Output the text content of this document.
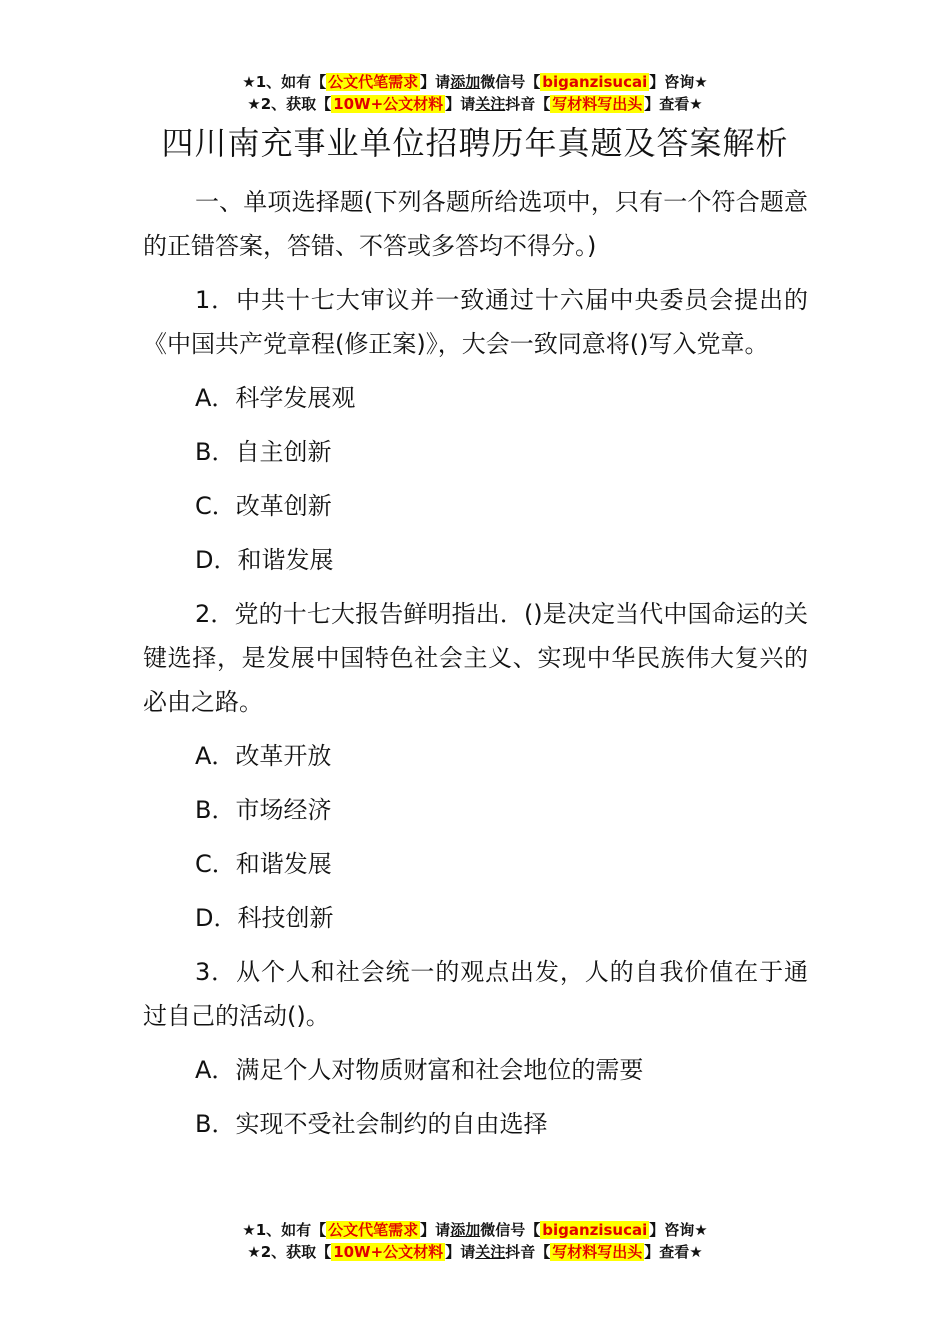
★1、如有【 公文代笔需求 】请添加微信号【 biganzisucai 】咨询★
★2、获取【 10W+公文材料 】请关注抖音【 写材料写出头 】查看★
四川南充事业单位招聘历年真题及答案解析

一、单项选择题(下列各题所给选项中，只有一个符合题意的正错答案，答错、不答或多答均不得分。)

1．中共十七大审议并一致通过十六届中央委员会提出的《中国共产党章程(修正案)》，大会一致同意将()写入党章。

A．科学发展观
B．自主创新
C．改革创新
D．和谐发展

2．党的十七大报告鲜明指出．()是决定当代中国命运的关键选择，是发展中国特色社会主义、实现中华民族伟大复兴的必由之路。

A．改革开放
B．市场经济
C．和谐发展
D．科技创新

3．从个人和社会统一的观点出发，人的自我价值在于通过自己的活动()。

A．满足个人对物质财富和社会地位的需要
B．实现不受社会制约的自由选择
★1、如有【 公文代笔需求 】请添加微信号【 biganzisucai 】咨询★
★2、获取【 10W+公文材料 】请关注抖音【 写材料写出头 】查看★
